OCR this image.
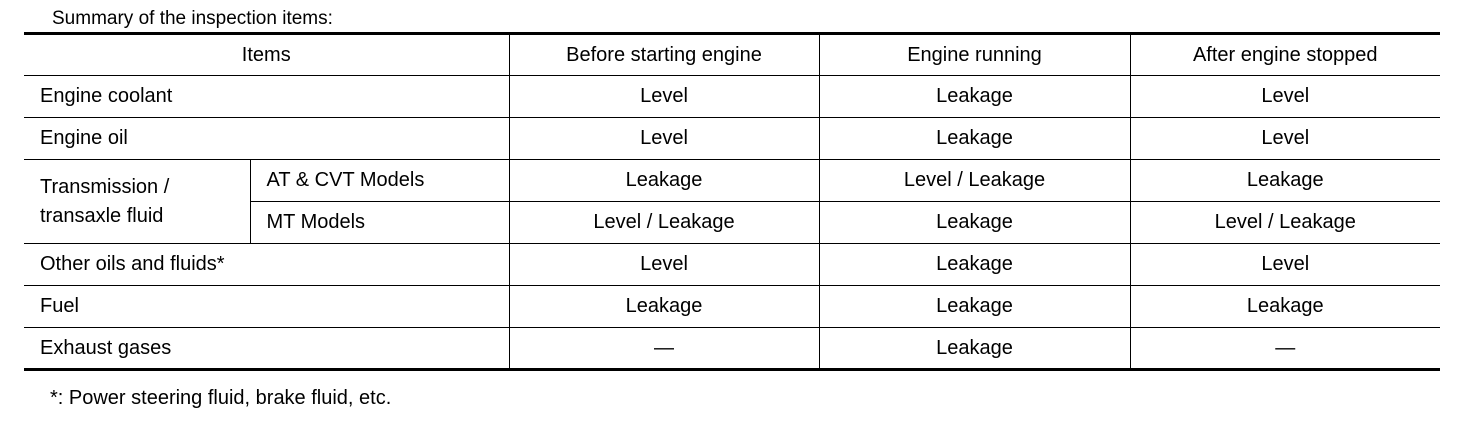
Summary of the inspection items:
Items		Before starting engine	Engine running	After engine stopped
Engine coolant		Level	Leakage	Level
Engine oil		Level	Leakage	Level
Transmission / transaxle fluid	AT & CVT Models	Leakage	Level / Leakage	Leakage
	MT Models	Level / Leakage	Leakage	Level / Leakage
Other oils and fluids*		Level	Leakage	Level
Fuel		Leakage	Leakage	Leakage
Exhaust gases		—	Leakage	—
*: Power steering fluid, brake fluid, etc.
